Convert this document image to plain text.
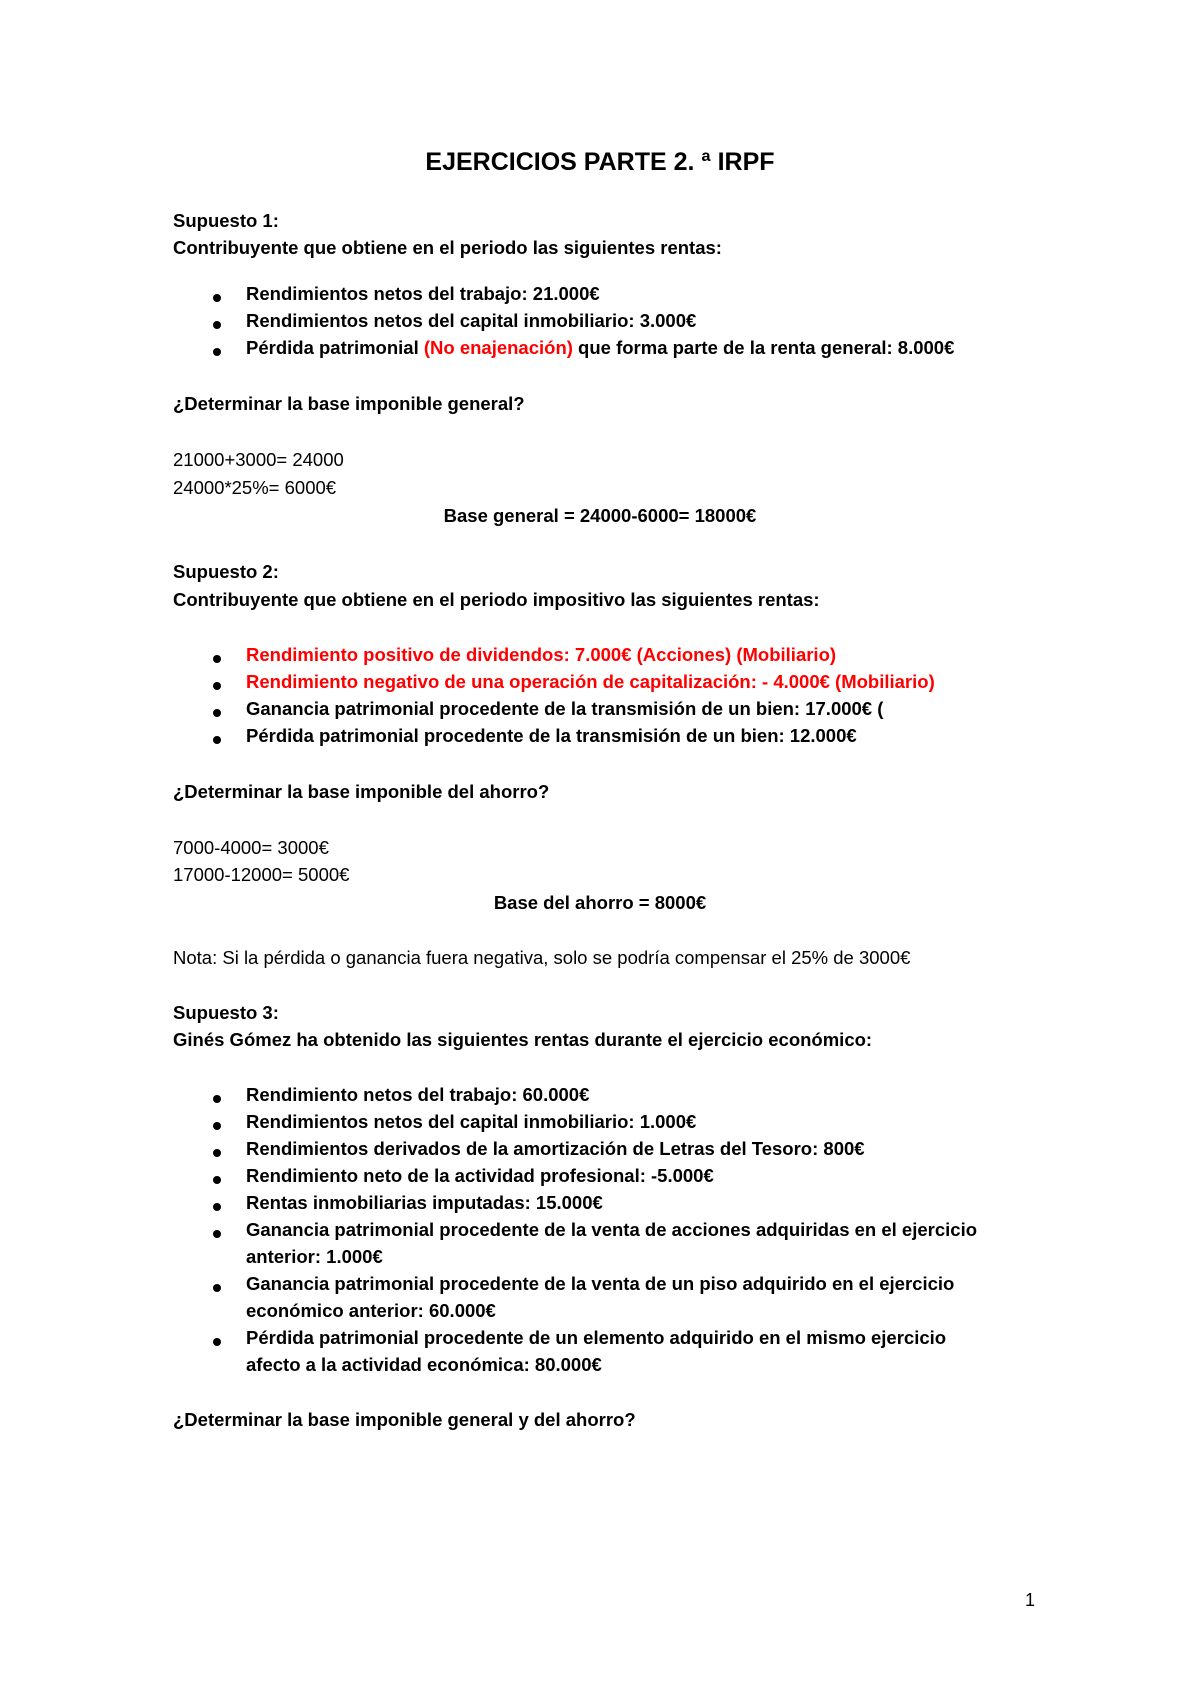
EJERCICIOS PARTE 2. ª IRPF
Supuesto 1:
Contribuyente que obtiene en el periodo las siguientes rentas:
Rendimientos netos del trabajo: 21.000€
Rendimientos netos del capital inmobiliario: 3.000€
Pérdida patrimonial (No enajenación) que forma parte de la renta general: 8.000€
¿Determinar la base imponible general?
21000+3000= 24000
24000*25%= 6000€
Base general = 24000-6000= 18000€
Supuesto 2:
Contribuyente que obtiene en el periodo impositivo las siguientes rentas:
Rendimiento positivo de dividendos: 7.000€ (Acciones) (Mobiliario)
Rendimiento negativo de una operación de capitalización: - 4.000€ (Mobiliario)
Ganancia patrimonial procedente de la transmisión de un bien: 17.000€ (
Pérdida patrimonial procedente de la transmisión de un bien: 12.000€
¿Determinar la base imponible del ahorro?
7000-4000= 3000€
17000-12000= 5000€
Base del ahorro = 8000€
Nota: Si la pérdida o ganancia fuera negativa, solo se podría compensar el 25% de 3000€
Supuesto 3:
Ginés Gómez ha obtenido las siguientes rentas durante el ejercicio económico:
Rendimiento netos del trabajo: 60.000€
Rendimientos netos del capital inmobiliario: 1.000€
Rendimientos derivados de la amortización de Letras del Tesoro: 800€
Rendimiento neto de la actividad profesional: -5.000€
Rentas inmobiliarias imputadas: 15.000€
Ganancia patrimonial procedente de la venta de acciones adquiridas en el ejercicio
anterior: 1.000€
Ganancia patrimonial procedente de la venta de un piso adquirido en el ejercicio
económico anterior: 60.000€
Pérdida patrimonial procedente de un elemento adquirido en el mismo ejercicio
afecto a la actividad económica: 80.000€
¿Determinar la base imponible general y del ahorro?
1
